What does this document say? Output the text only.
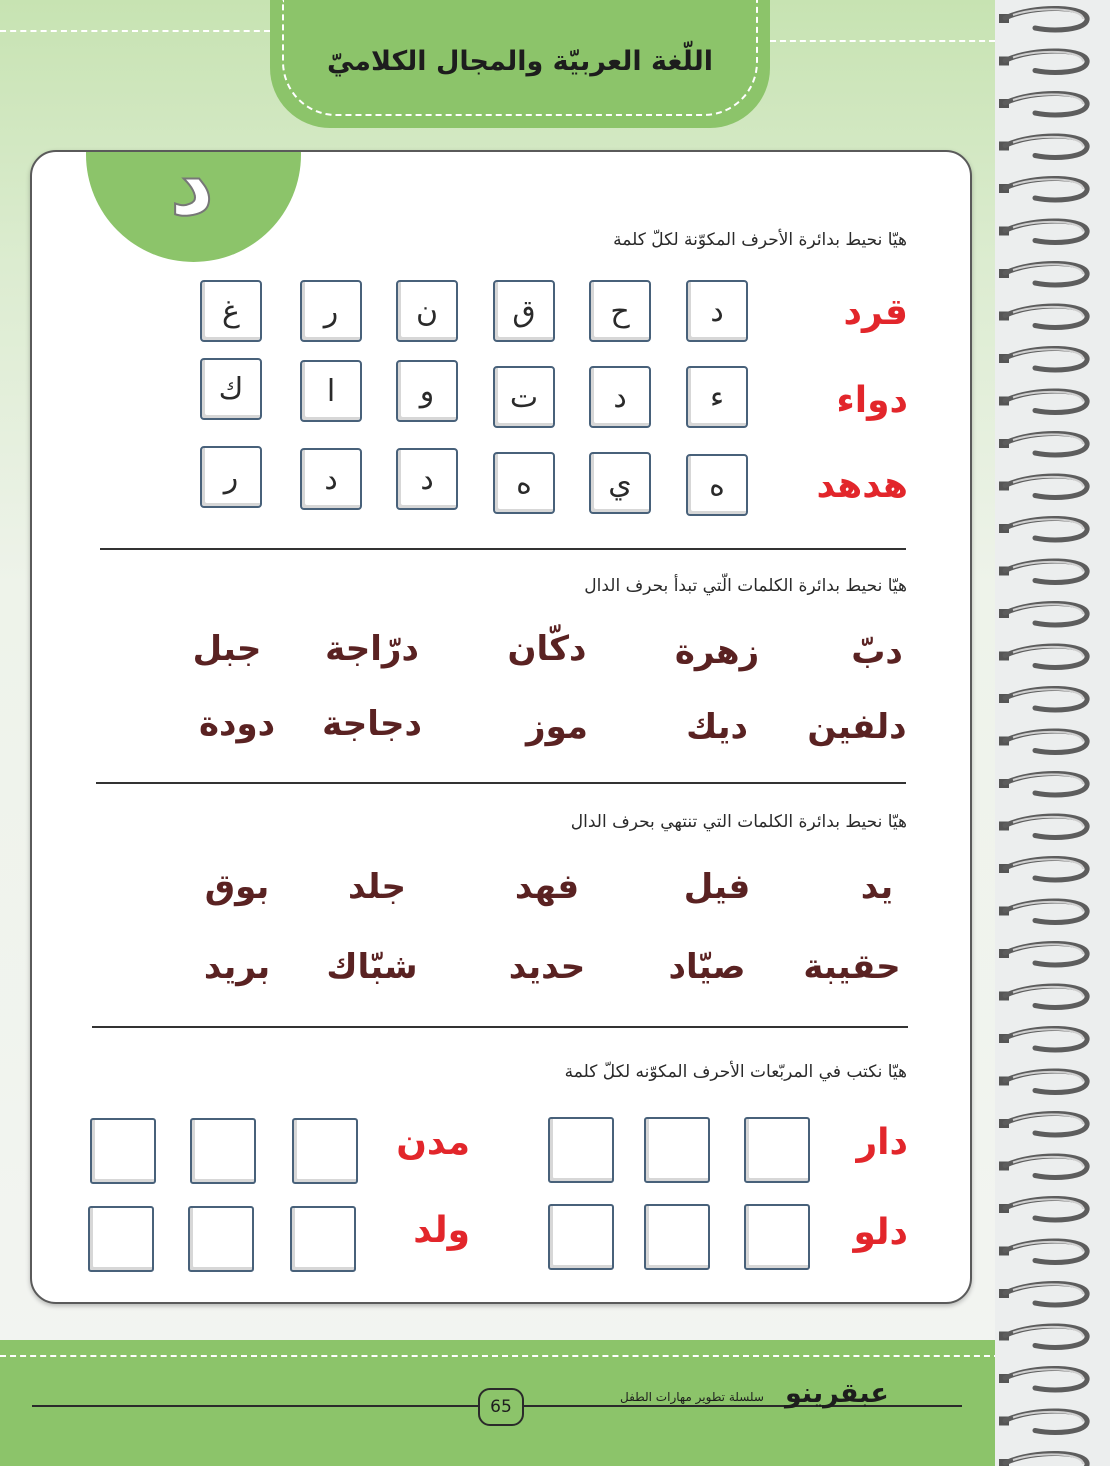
اللّغة العربيّة والمجال الكلاميّ
د
هيّا نحيط بدائرة الأحرف المكوّنة لكلّ كلمة
قرد
د
ح
ق
ن
ر
غ
دواء
ء
د
ت
و
ا
ك
هدهد
ه
ي
ه
د
د
ر
هيّا نحيط بدائرة الكلمات الّتي تبدأ بحرف الدال
دبّ
زهرة
دكّان
درّاجة
جبل
دلفين
ديك
موز
دجاجة
دودة
هيّا نحيط بدائرة الكلمات التي تنتهي بحرف الدال
يد
فيل
فهد
جلد
بوق
حقيبة
صيّاد
حديد
شبّاك
بريد
هيّا نكتب في المربّعات الأحرف المكوّنه لكلّ كلمة
دار
مدن
دلو
ولد
65	عبقرينو
سلسلة تطوير مهارات الطفل
